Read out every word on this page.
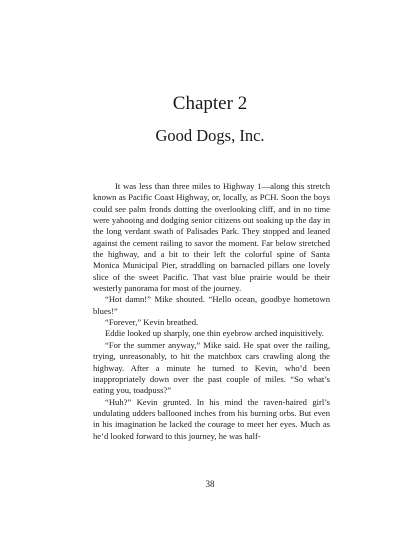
Chapter 2
Good Dogs, Inc.

It was less than three miles to Highway 1—along this stretch known as Pacific Coast Highway, or, locally, as PCH. Soon the boys could see palm fronds dotting the overlooking cliff, and in no time were yahooing and dodging senior citizens out soaking up the day in the long verdant swath of Palisades Park. They stopped and leaned against the cement railing to savor the moment. Far below stretched the highway, and a bit to their left the colorful spine of Santa Monica Municipal Pier, straddling on barnacled pillars one lovely slice of the sweet Pacific. That vast blue prairie would be their westerly panorama for most of the journey.

“Hot damn!” Mike shouted. “Hello ocean, goodbye hometown blues!”

“Forever,” Kevin breathed.

Eddie looked up sharply, one thin eyebrow arched inquisitively.

“For the summer anyway,” Mike said. He spat over the railing, trying, unreasonably, to hit the matchbox cars crawling along the highway. After a minute he turned to Kevin, who’d been inappropriately down over the past couple of miles. “So what’s eating you, toadpuss?”

“Huh?” Kevin grunted. In his mind the raven-haired girl’s undulating udders ballooned inches from his burning orbs. But even in his imagination he lacked the courage to meet her eyes. Much as he’d looked forward to this journey, he was half-

38
